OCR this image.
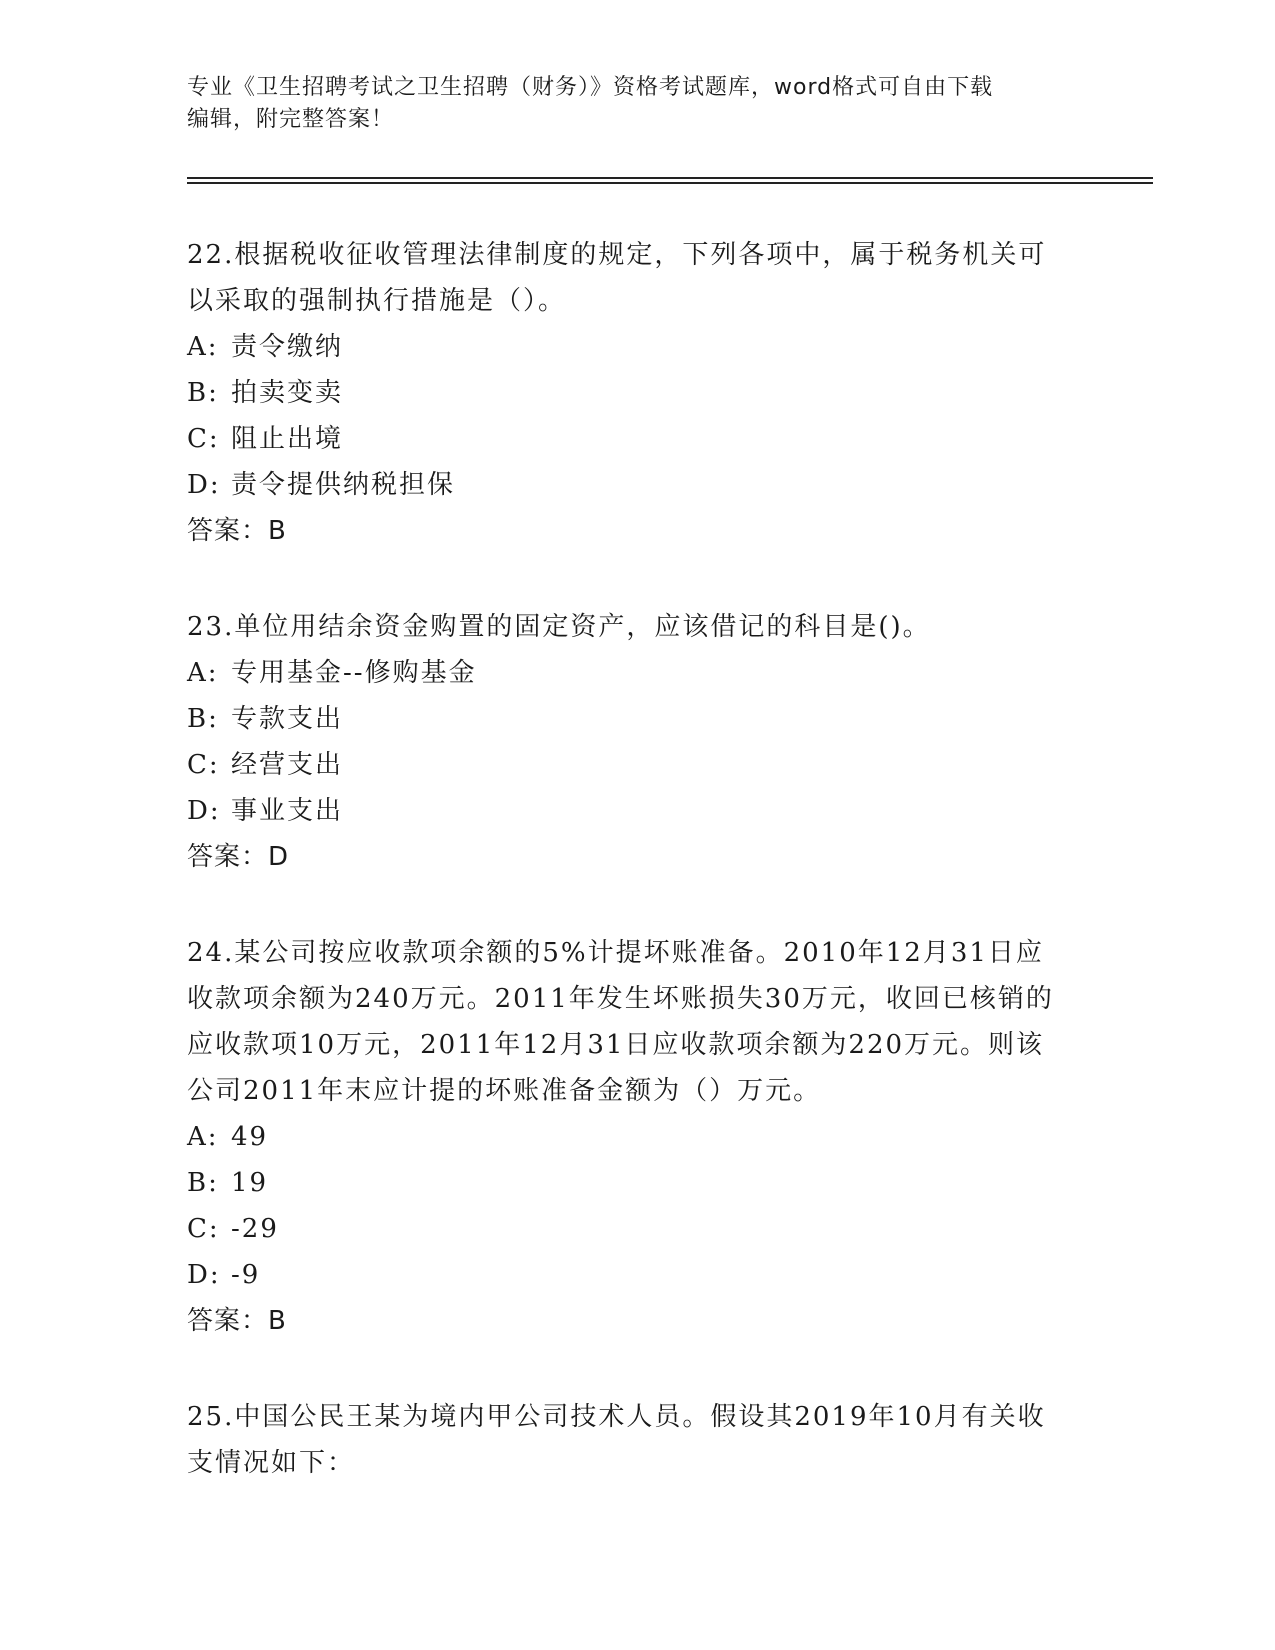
专业《卫生招聘考试之卫生招聘（财务）》资格考试题库，word格式可自由下载
编辑，附完整答案！
22.根据税收征收管理法律制度的规定，下列各项中，属于税务机关可
以采取的强制执行措施是（）。
A: 责令缴纳
B: 拍卖变卖
C: 阻止出境
D: 责令提供纳税担保
答案：B
23.单位用结余资金购置的固定资产，应该借记的科目是()。
A: 专用基金--修购基金
B: 专款支出
C: 经营支出
D: 事业支出
答案：D
24.某公司按应收款项余额的5%计提坏账准备。2010年12月31日应
收款项余额为240万元。2011年发生坏账损失30万元，收回已核销的
应收款项10万元，2011年12月31日应收款项余额为220万元。则该
公司2011年末应计提的坏账准备金额为（）万元。
A: 49
B: 19
C: -29
D: -9
答案：B
25.中国公民王某为境内甲公司技术人员。假设其2019年10月有关收
支情况如下：
